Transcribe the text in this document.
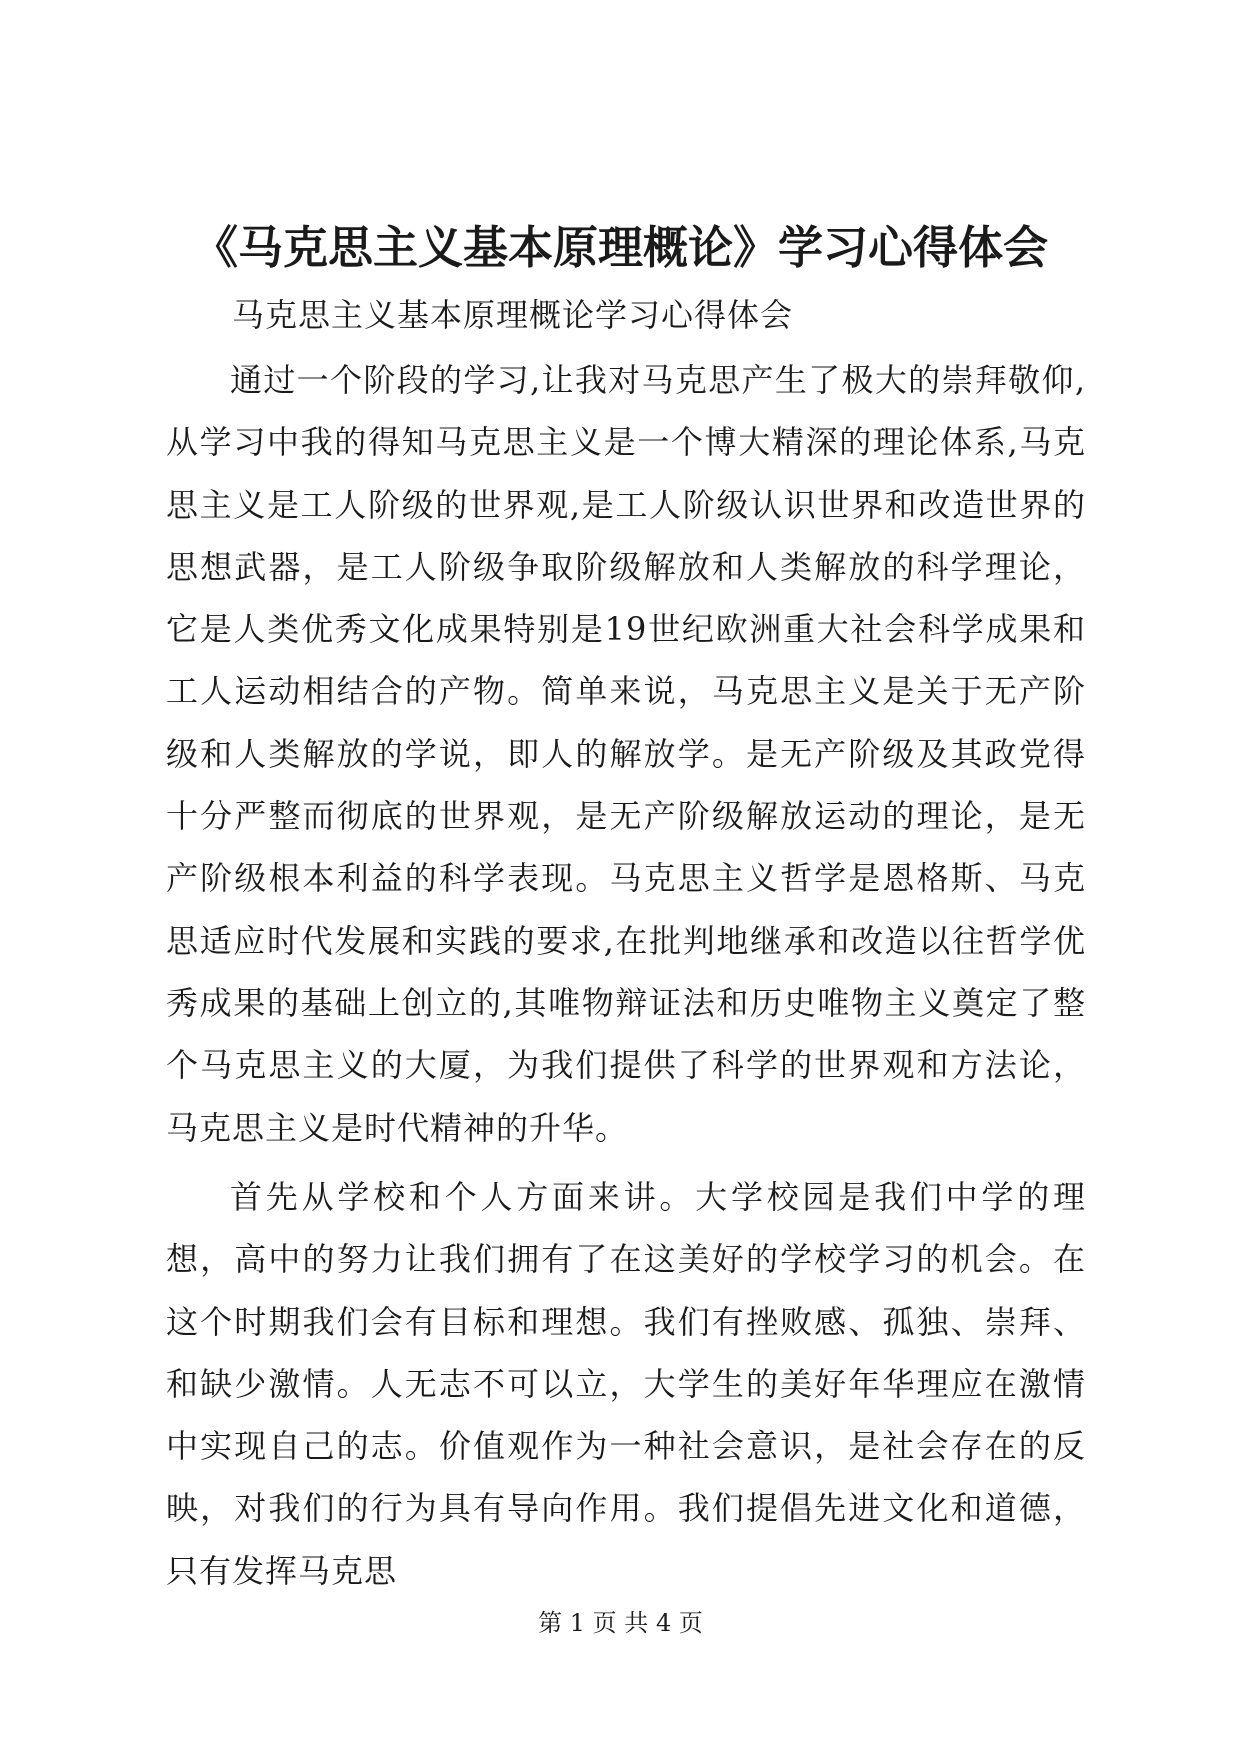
《马克思主义基本原理概论》学习心得体会

马克思主义基本原理概论学习心得体会

通过一个阶段的学习,让我对马克思产生了极大的崇拜敬仰,从学习中我的得知马克思主义是一个博大精深的理论体系,马克思主义是工人阶级的世界观,是工人阶级认识世界和改造世界的思想武器，是工人阶级争取阶级解放和人类解放的科学理论，它是人类优秀文化成果特别是19世纪欧洲重大社会科学成果和工人运动相结合的产物。简单来说，马克思主义是关于无产阶级和人类解放的学说，即人的解放学。是无产阶级及其政党得十分严整而彻底的世界观，是无产阶级解放运动的理论，是无产阶级根本利益的科学表现。马克思主义哲学是恩格斯、马克思适应时代发展和实践的要求,在批判地继承和改造以往哲学优秀成果的基础上创立的,其唯物辩证法和历史唯物主义奠定了整个马克思主义的大厦，为我们提供了科学的世界观和方法论，马克思主义是时代精神的升华。

首先从学校和个人方面来讲。大学校园是我们中学的理想，高中的努力让我们拥有了在这美好的学校学习的机会。在这个时期我们会有目标和理想。我们有挫败感、孤独、崇拜、和缺少激情。人无志不可以立，大学生的美好年华理应在激情中实现自己的志。价值观作为一种社会意识，是社会存在的反映，对我们的行为具有导向作用。我们提倡先进文化和道德，只有发挥马克思

第 1 页 共 4 页
